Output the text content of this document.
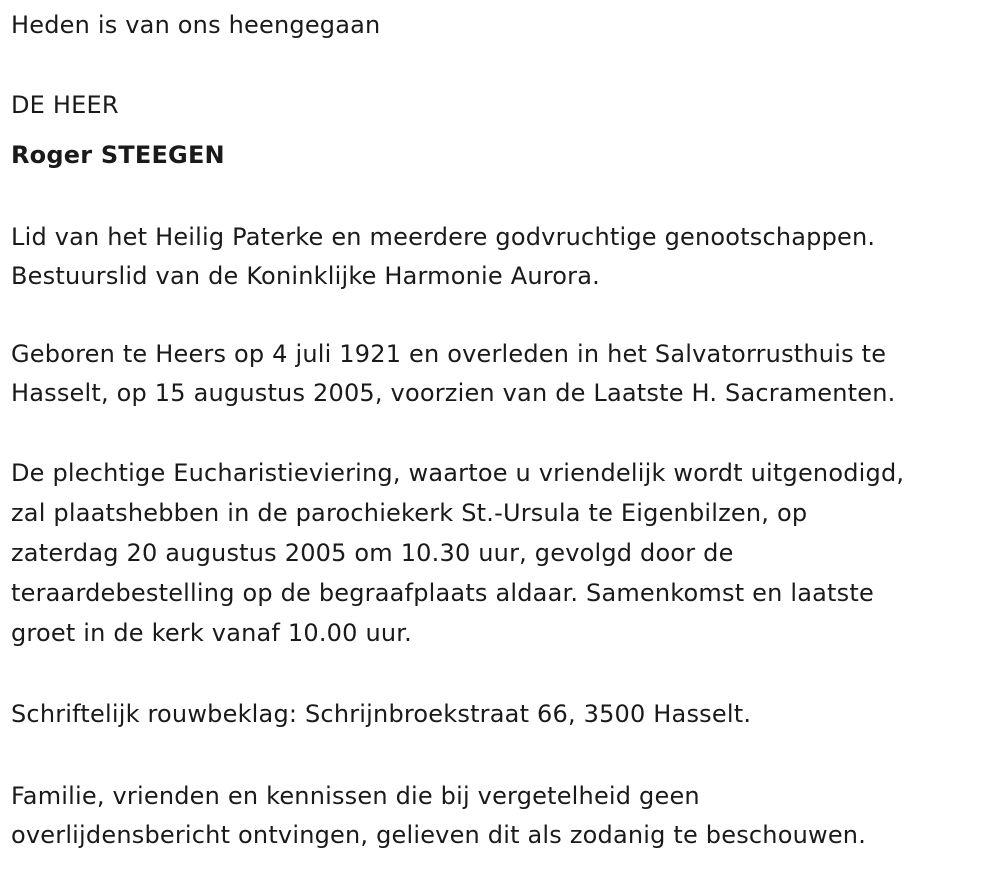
Heden is van ons heengegaan
DE HEER
Roger STEEGEN
Lid van het Heilig Paterke en meerdere godvruchtige genootschappen.
Bestuurslid van de Koninklijke Harmonie Aurora.
Geboren te Heers op 4 juli 1921 en overleden in het Salvatorrusthuis te
Hasselt, op 15 augustus 2005, voorzien van de Laatste H. Sacramenten.
De plechtige Eucharistieviering, waartoe u vriendelijk wordt uitgenodigd,
zal plaatshebben in de parochiekerk St.-Ursula te Eigenbilzen, op
zaterdag 20 augustus 2005 om 10.30 uur, gevolgd door de
teraardebestelling op de begraafplaats aldaar. Samenkomst en laatste
groet in de kerk vanaf 10.00 uur.
Schriftelijk rouwbeklag: Schrijnbroekstraat 66, 3500 Hasselt.
Familie, vrienden en kennissen die bij vergetelheid geen
overlijdensbericht ontvingen, gelieven dit als zodanig te beschouwen.
